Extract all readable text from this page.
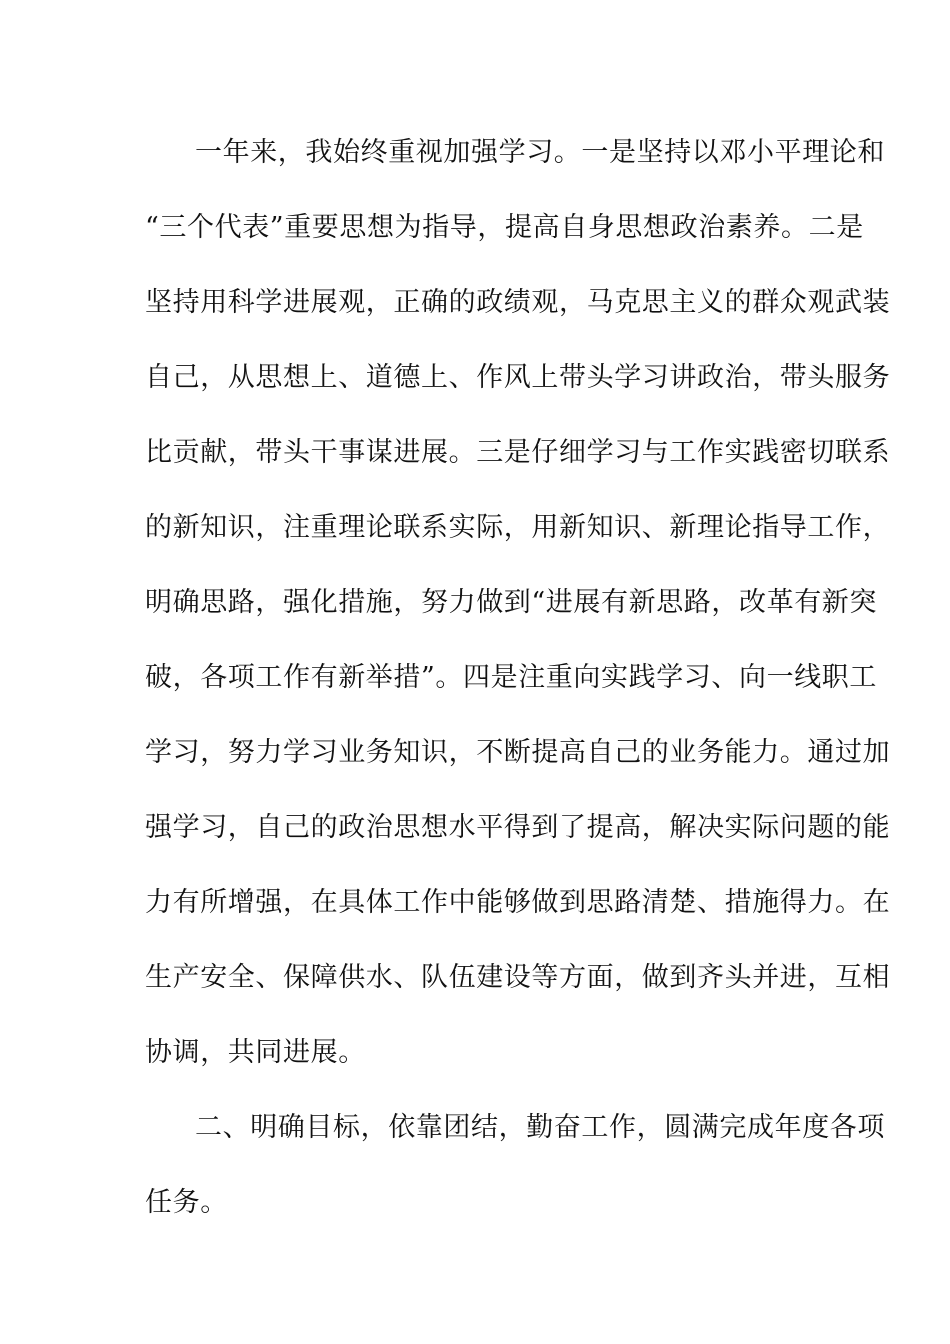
一年来，我始终重视加强学习。一是坚持以邓小平理论和
“三个代表”重要思想为指导，提高自身思想政治素养。二是
坚持用科学进展观，正确的政绩观，马克思主义的群众观武装
自己，从思想上、道德上、作风上带头学习讲政治，带头服务
比贡献，带头干事谋进展。三是仔细学习与工作实践密切联系
的新知识，注重理论联系实际，用新知识、新理论指导工作，
明确思路，强化措施，努力做到“进展有新思路，改革有新突
破，各项工作有新举措”。四是注重向实践学习、向一线职工
学习，努力学习业务知识，不断提高自己的业务能力。通过加
强学习，自己的政治思想水平得到了提高，解决实际问题的能
力有所增强，在具体工作中能够做到思路清楚、措施得力。在
生产安全、保障供水、队伍建设等方面，做到齐头并进，互相
协调，共同进展。
二、明确目标，依靠团结，勤奋工作，圆满完成年度各项
任务。
